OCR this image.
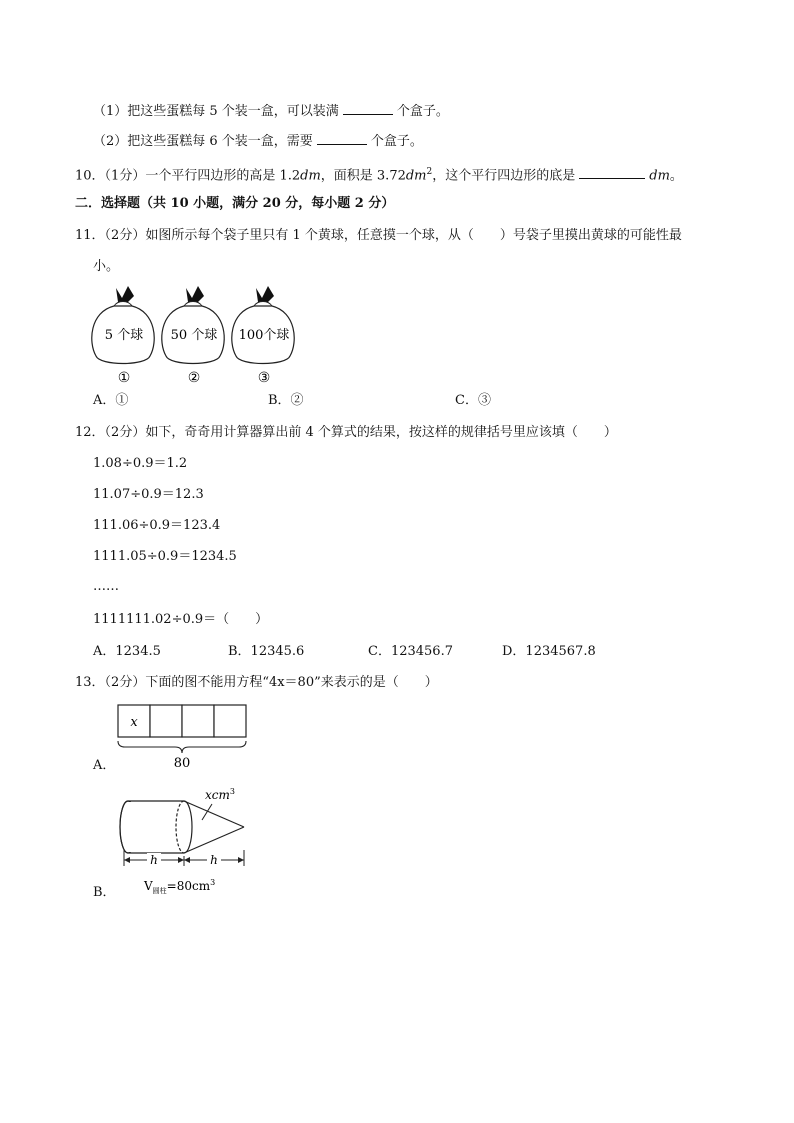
（1）把这些蛋糕每 5 个装一盒，可以装满	个盒子。
（2）把这些蛋糕每 6 个装一盒，需要	个盒子。
10．（1分）一个平行四边形的高是 1.2dm，面积是 $3.72dm^2$，这个平行四边形的底是	dm。
二．选择题（共 10 小题，满分 20 分，每小题 2 分）
11．（2分）如图所示每个袋子里只有 1 个黄球，任意摸一个球，从（　　）号袋子里摸出黄球的可能性最
小。
5 个球
①
50 个球
②
100个球
③
A．①	B．②	C．③
12．（2分）如下，奇奇用计算器算出前 4 个算式的结果，按这样的规律括号里应该填（　　）
1.08÷0.9＝1.2
11.07÷0.9＝12.3
111.06÷0.9＝123.4
1111.05÷0.9＝1234.5
……
1111111.02÷0.9＝（　　）
A．1234.5	B．12345.6	C．123456.7	D．1234567.8
13．（2分）下面的图不能用方程“4x＝80”来表示的是（　　）
x
80
A．
xcm$^3$
h	h
$V_{圆柱}=80cm^3$
B．
